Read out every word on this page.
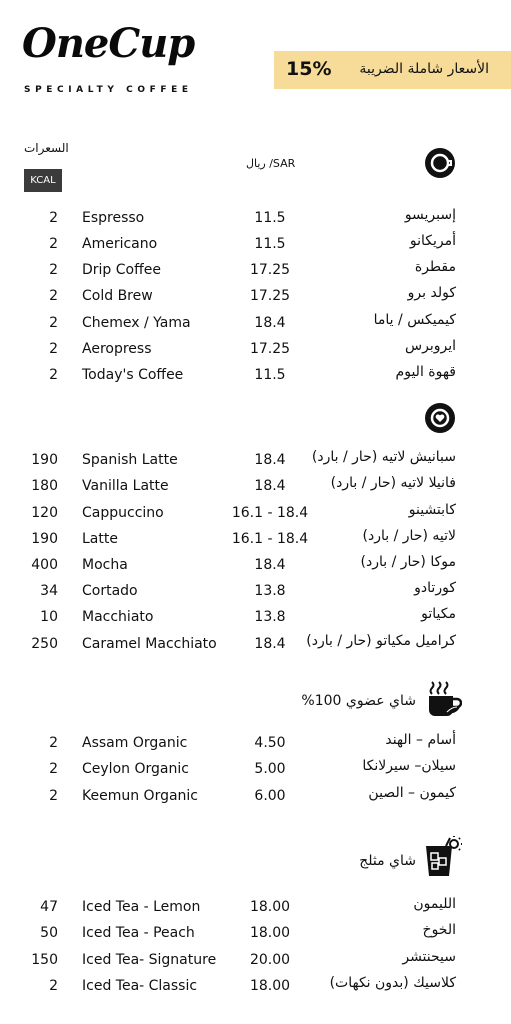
OneCup
SPECIALTY COFFEE
15% الأسعار شاملة الضريبة
السعرات
KCAL
ريال /SAR
شاي عضوي 100%
شاي مثلج
2 Espresso	11.5	إسبريسو
2 Americano	11.5	أمريكانو
2 Drip Coffee	17.25	مقطرة
2 Cold Brew	17.25	كولد برو
2 Chemex / Yama	18.4	كيميكس / ياما
2 Aeropress	17.25	ايروبرس
2 Today's Coffee	11.5	قهوة اليوم
190 Spanish Latte	18.4	سبانيش لاتيه (حار / بارد)
180 Vanilla Latte	18.4	فانيلا لاتيه (حار / بارد)
120 Cappuccino	16.1 - 18.4	كابتشينو
190 Latte	16.1 - 18.4	لاتيه (حار / بارد)
400 Mocha	18.4	موكا (حار / بارد)
34 Cortado	13.8	كورتادو
10 Macchiato	13.8	مكياتو
250 Caramel Macchiato	18.4	كراميل مكياتو (حار / بارد)
2 Assam Organic	4.50	أسام – الهند
2 Ceylon Organic	5.00	سيلان– سيرلانكا
2 Keemun Organic	6.00	كيمون – الصين
47 Iced Tea - Lemon	18.00	الليمون
50 Iced Tea - Peach	18.00	الخوخ
150 Iced Tea- Signature	20.00	سيحنتشر
2 Iced Tea- Classic	18.00	كلاسيك (بدون نكهات)
